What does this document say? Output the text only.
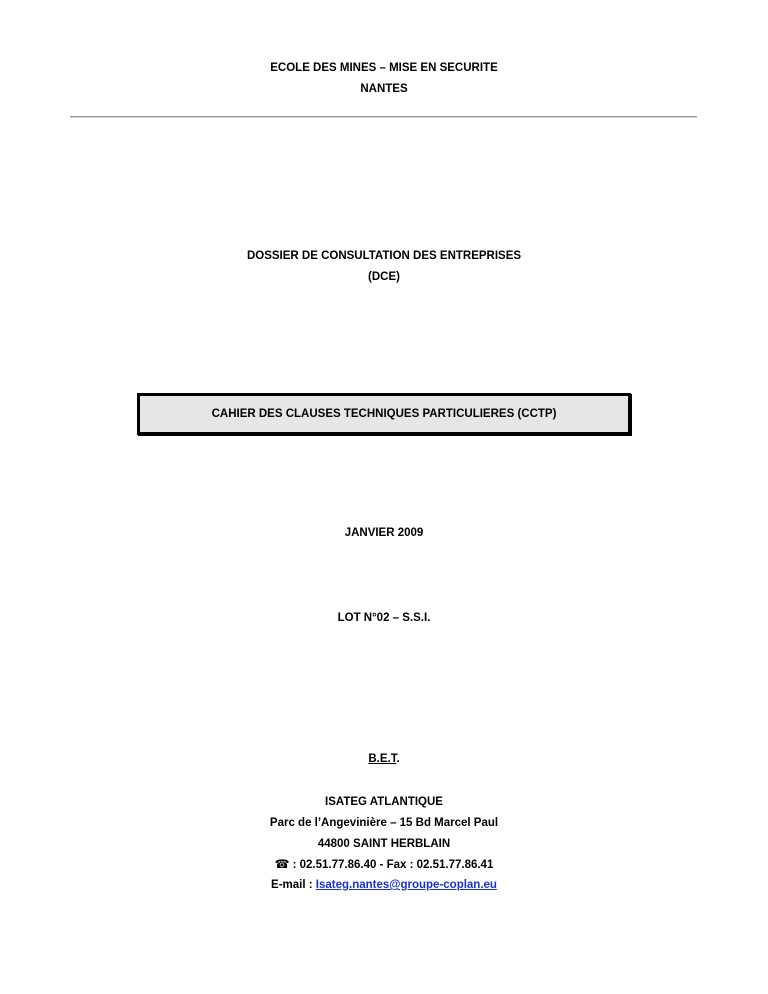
ECOLE DES MINES – MISE EN SECURITE
NANTES
DOSSIER DE CONSULTATION DES ENTREPRISES
(DCE)
CAHIER DES CLAUSES TECHNIQUES PARTICULIERES (CCTP)
JANVIER 2009
LOT N°02 – S.S.I.
B.E.T.
ISATEG ATLANTIQUE
Parc de l’Angevinière – 15 Bd Marcel Paul
44800 SAINT HERBLAIN
☎ : 02.51.77.86.40 - Fax : 02.51.77.86.41
E-mail : Isateg.nantes@groupe-coplan.eu
